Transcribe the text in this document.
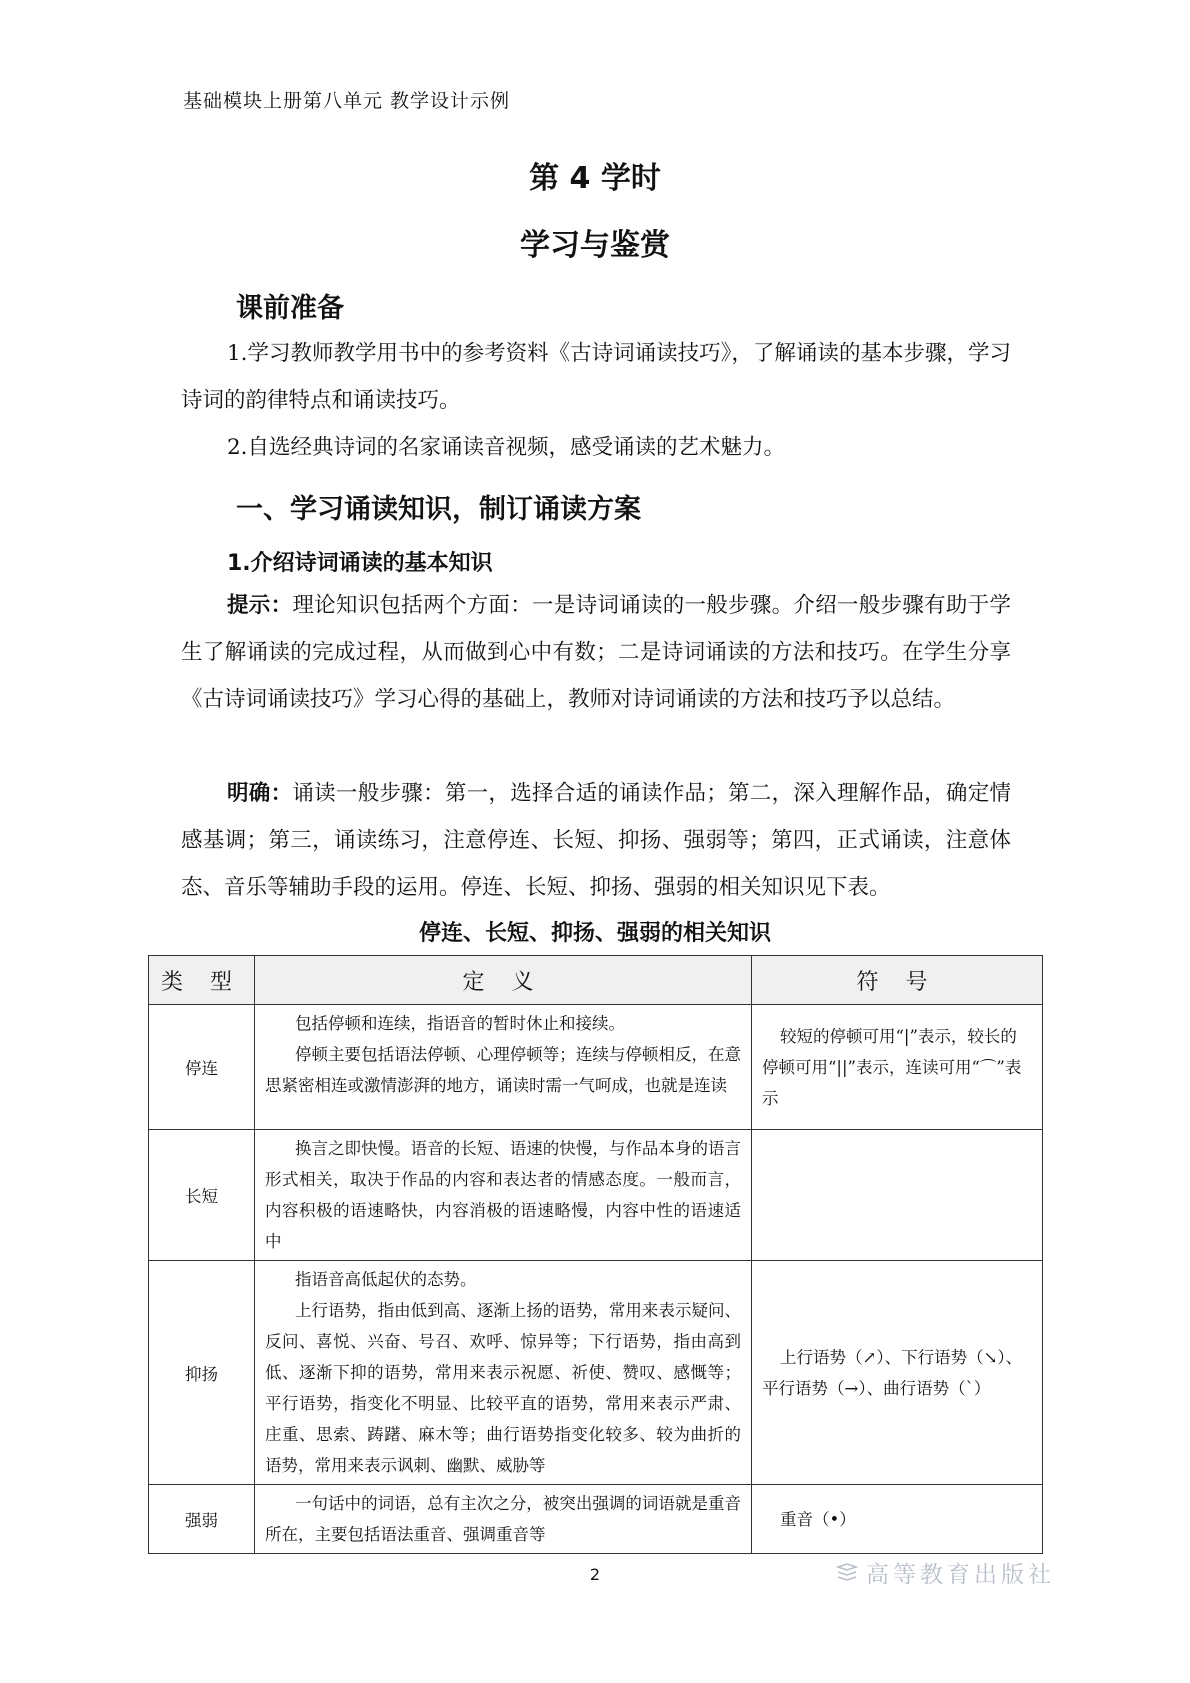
基础模块上册第八单元 教学设计示例
第 4 学时
学习与鉴赏
课前准备
1.学习教师教学用书中的参考资料《古诗词诵读技巧》，了解诵读的基本步骤，学习诗词的韵律特点和诵读技巧。
2.自选经典诗词的名家诵读音视频，感受诵读的艺术魅力。
一、学习诵读知识，制订诵读方案
1.介绍诗词诵读的基本知识
提示：理论知识包括两个方面：一是诗词诵读的一般步骤。介绍一般步骤有助于学生了解诵读的完成过程，从而做到心中有数；二是诗词诵读的方法和技巧。在学生分享《古诗词诵读技巧》学习心得的基础上，教师对诗词诵读的方法和技巧予以总结。
明确：诵读一般步骤：第一，选择合适的诵读作品；第二，深入理解作品，确定情感基调；第三，诵读练习，注意停连、长短、抑扬、强弱等；第四，正式诵读，注意体态、音乐等辅助手段的运用。停连、长短、抑扬、强弱的相关知识见下表。
停连、长短、抑扬、强弱的相关知识
类 型	定 义	符 号
停连	包括停顿和连续，指语音的暂时休止和接续。

停顿主要包括语法停顿、心理停顿等；连续与停顿相反，在意思紧密相连或激情澎湃的地方，诵读时需一气呵成，也就是连读	较短的停顿可用“|”表示，较长的停顿可用“||”表示，连读可用“⌒”表示

长短	换言之即快慢。语音的长短、语速的快慢，与作品本身的语言形式相关，取决于作品的内容和表达者的情感态度。一般而言，内容积极的语速略快，内容消极的语速略慢，内容中性的语速适中	

抑扬	指语音高低起伏的态势。

上行语势，指由低到高、逐渐上扬的语势，常用来表示疑问、反问、喜悦、兴奋、号召、欢呼、惊异等；下行语势，指由高到低、逐渐下抑的语势，常用来表示祝愿、祈使、赞叹、感慨等；平行语势，指变化不明显、比较平直的语势，常用来表示严肃、庄重、思索、踌躇、麻木等；曲行语势指变化较多、较为曲折的语势，常用来表示讽刺、幽默、威胁等	上行语势（↗）、下行语势（↘）、平行语势（→）、曲行语势（ˋ）

强弱	一句话中的词语，总有主次之分，被突出强调的词语就是重音所在，主要包括语法重音、强调重音等	重音（•）

2	高等教育出版社
